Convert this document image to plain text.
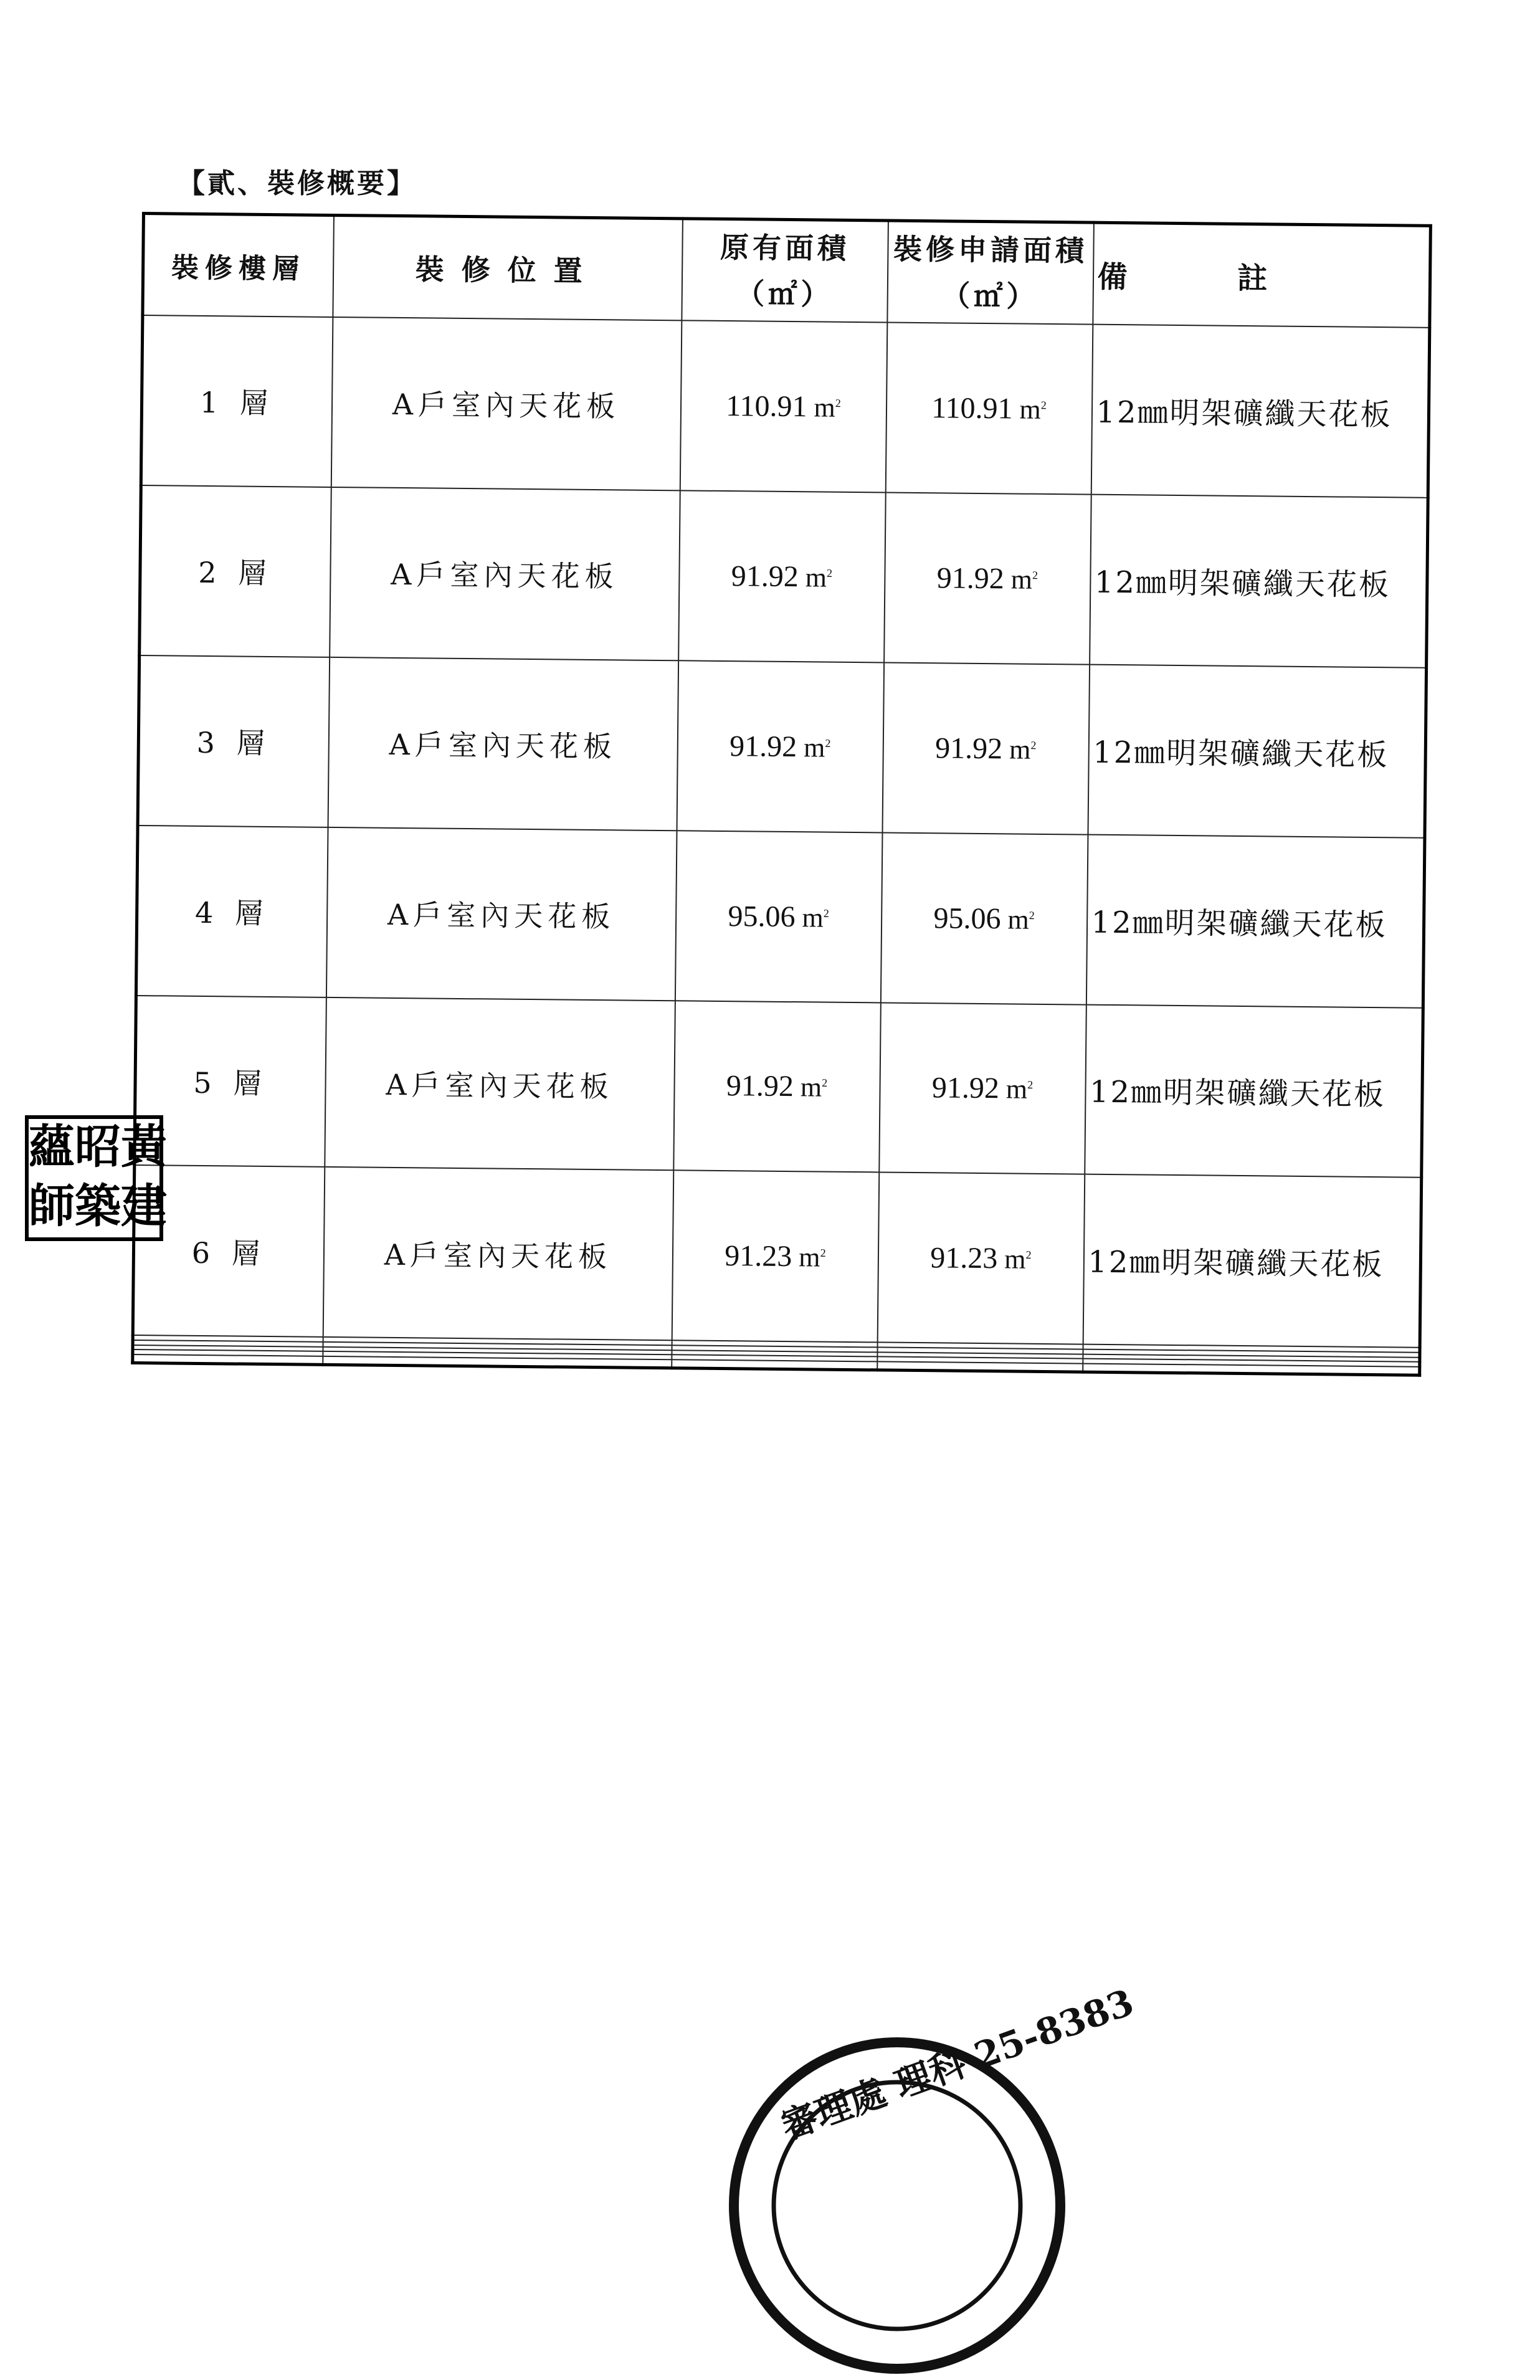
【貳、裝修概要】
裝修樓層	裝修位置	原有面積（㎡）	裝修申請面積（㎡）	備 註
1 層	A戶室內天花板	110.91 $m^2$	110.91 $m^2$	12㎜明架礦纖天花板
2 層	A戶室內天花板	91.92 $m^2$	91.92 $m^2$	12㎜明架礦纖天花板
3 層	A戶室內天花板	91.92 $m^2$	91.92 $m^2$	12㎜明架礦纖天花板
4 層	A戶室內天花板	95.06 $m^2$	95.06 $m^2$	12㎜明架礦纖天花板
5 層	A戶室內天花板	91.92 $m^2$	91.92 $m^2$	12㎜明架礦纖天花板
6 層	A戶室內天花板	91.23 $m^2$	91.23 $m^2$	12㎜明架礦纖天花板

蘊 昭 黃
師 築 建
審理處 理科 25-8383
